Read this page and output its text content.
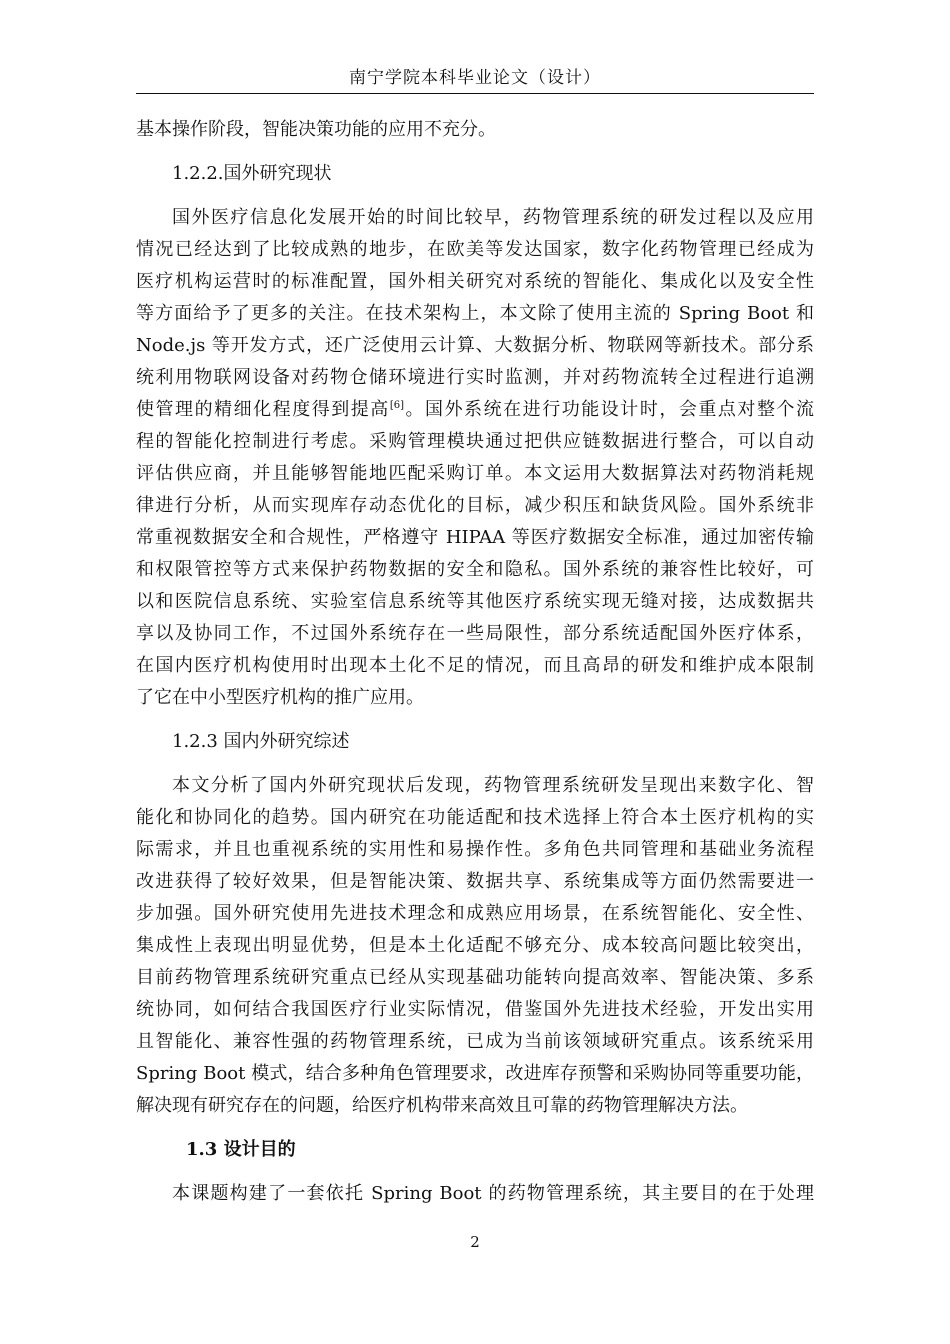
南宁学院本科毕业论文（设计）
基本操作阶段，智能决策功能的应用不充分。
1.2.2.国外研究现状
国外医疗信息化发展开始的时间比较早，药物管理系统的研发过程以及应用
情况已经达到了比较成熟的地步，在欧美等发达国家，数字化药物管理已经成为
医疗机构运营时的标准配置，国外相关研究对系统的智能化、集成化以及安全性
等方面给予了更多的关注。在技术架构上，本文除了使用主流的 Spring Boot 和
Node.js 等开发方式，还广泛使用云计算、大数据分析、物联网等新技术。部分系
统利用物联网设备对药物仓储环境进行实时监测，并对药物流转全过程进行追溯
使管理的精细化程度得到提高[6]。国外系统在进行功能设计时，会重点对整个流
程的智能化控制进行考虑。采购管理模块通过把供应链数据进行整合，可以自动
评估供应商，并且能够智能地匹配采购订单。本文运用大数据算法对药物消耗规
律进行分析，从而实现库存动态优化的目标，减少积压和缺货风险。国外系统非
常重视数据安全和合规性，严格遵守 HIPAA 等医疗数据安全标准，通过加密传输
和权限管控等方式来保护药物数据的安全和隐私。国外系统的兼容性比较好，可
以和医院信息系统、实验室信息系统等其他医疗系统实现无缝对接，达成数据共
享以及协同工作，不过国外系统存在一些局限性，部分系统适配国外医疗体系，
在国内医疗机构使用时出现本土化不足的情况，而且高昂的研发和维护成本限制
了它在中小型医疗机构的推广应用。
1.2.3 国内外研究综述
本文分析了国内外研究现状后发现，药物管理系统研发呈现出来数字化、智
能化和协同化的趋势。国内研究在功能适配和技术选择上符合本土医疗机构的实
际需求，并且也重视系统的实用性和易操作性。多角色共同管理和基础业务流程
改进获得了较好效果，但是智能决策、数据共享、系统集成等方面仍然需要进一
步加强。国外研究使用先进技术理念和成熟应用场景，在系统智能化、安全性、
集成性上表现出明显优势，但是本土化适配不够充分、成本较高问题比较突出，
目前药物管理系统研究重点已经从实现基础功能转向提高效率、智能决策、多系
统协同，如何结合我国医疗行业实际情况，借鉴国外先进技术经验，开发出实用
且智能化、兼容性强的药物管理系统，已成为当前该领域研究重点。该系统采用
Spring Boot 模式，结合多种角色管理要求，改进库存预警和采购协同等重要功能，
解决现有研究存在的问题，给医疗机构带来高效且可靠的药物管理解决方法。
1.3 设计目的
本课题构建了一套依托 Spring Boot 的药物管理系统，其主要目的在于处理
2
